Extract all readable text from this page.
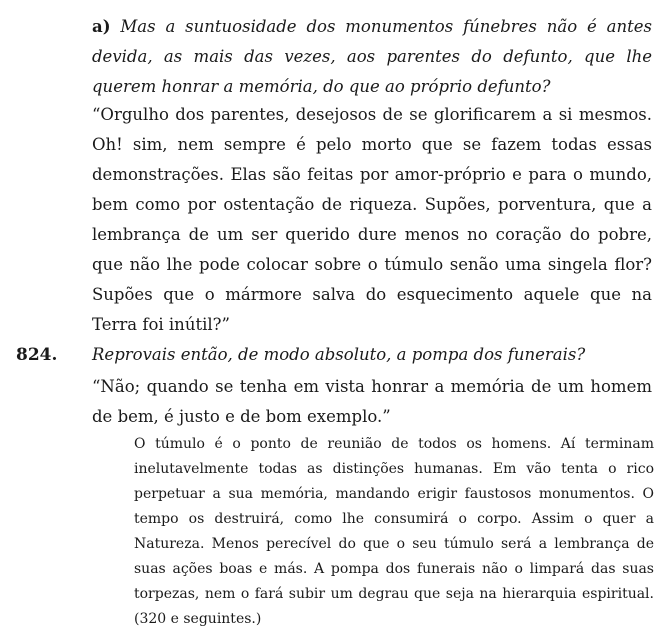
a) Mas a suntuosidade dos monumentos fúnebres não é antes devida, as mais das vezes, aos parentes do defunto, que lhe querem honrar a memória, do que ao próprio defunto?

“Orgulho dos parentes, desejosos de se glorificarem a si mesmos. Oh! sim, nem sempre é pelo morto que se fazem todas essas demonstrações. Elas são feitas por amor-próprio e para o mundo, bem como por ostentação de riqueza. Supões, porventura, que a lembrança de um ser querido dure menos no coração do pobre, que não lhe pode colocar sobre o túmulo senão uma singela flor? Supões que o mármore salva do esquecimento aquele que na Terra foi inútil?”

824. Reprovais então, de modo absoluto, a pompa dos funerais?

“Não; quando se tenha em vista honrar a memória de um homem de bem, é justo e de bom exemplo.”

O túmulo é o ponto de reunião de todos os homens. Aí terminam inelutavelmente todas as distinções humanas. Em vão tenta o rico perpetuar a sua memória, mandando erigir faustosos monumentos. O tempo os destruirá, como lhe consumirá o corpo. Assim o quer a Natureza. Menos perecível do que o seu túmulo será a lembrança de suas ações boas e más. A pompa dos funerais não o limpará das suas torpezas, nem o fará subir um degrau que seja na hierarquia espiritual. (320 e seguintes.)
